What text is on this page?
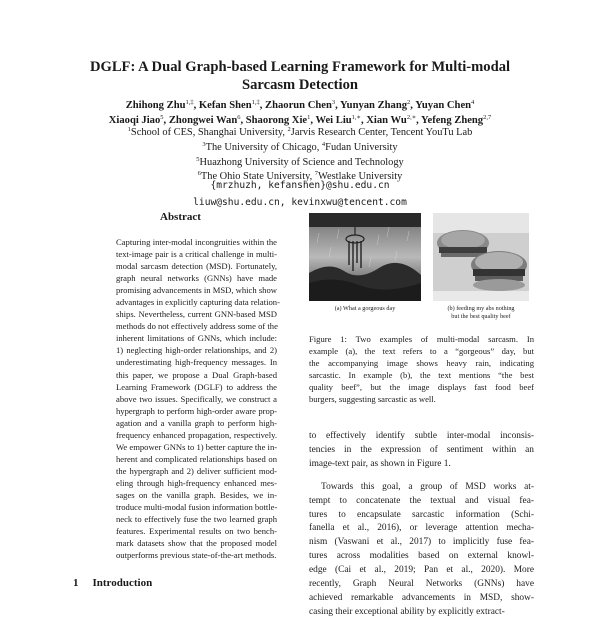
DGLF: A Dual Graph-based Learning Framework for Multi-modal
Sarcasm Detection
Zhihong Zhu$^{1,\ddagger}$, Kefan Shen$^{1,\ddagger}$, Zhaorun Chen$^3$, Yunyan Zhang$^2$, Yuyan Chen$^4$
Xiaoqi Jiao$^5$, Zhongwei Wan$^6$, Shaorong Xie$^1$, Wei Liu$^{1,∗}$, Xian $Wu^{2,∗}$, Yefeng Zheng$^{2,7}$
$^1$School of CES, Shanghai University, $^2$Jarvis Research Center, Tencent YouTu Lab
$^3$The University of Chicago, $^4$Fudan University
$^5$Huazhong University of Science and Technology
$^6$The Ohio State University, $^7$Westlake University
{mrzhuzh, kefanshen}@shu.edu.cn
liuw@shu.edu.cn, kevinxwu@tencent.com
Abstract
Capturing inter-modal incongruities within the
text-image pair is a critical challenge in multi-
modal sarcasm detection (MSD). Fortunately,
graph neural networks (GNNs) have made
promising advancements in MSD, which show
advantages in explicitly capturing data relation-
ships. Nevertheless, current GNN-based MSD
methods do not effectively address some of the
inherent limitations of GNNs, which include:
1) neglecting high-order relationships, and 2)
underestimating high-frequency messages. In
this paper, we propose a Dual Graph-based
Learning Framework (DGLF) to address the
above two issues. Specifically, we construct a
hypergraph to perform high-order aware prop-
agation and a vanilla graph to perform high-
frequency enhanced propagation, respectively.
We empower GNNs to 1) better capture the in-
herent and complicated relationships based on
the hypergraph and 2) deliver sufficient mod-
eling through high-frequency enhanced mes-
sages on the vanilla graph. Besides, we in-
troduce multi-modal fusion information bottle-
neck to effectively fuse the two learned graph
features. Experimental results on two bench-
mark datasets show that the proposed model
outperforms previous state-of-the-art methods.
(a) What a gorgeous day	(b) feeding my abs nothing
but the best quality beef
Figure 1: Two examples of multi-modal sarcasm. In
example (a), the text refers to a “gorgeous” day, but
the accompanying image shows heavy rain, indicating
sarcastic. In example (b), the text mentions “the best
quality beef”, but the image displays fast food beef
burgers, suggesting sarcastic as well.
to effectively identify subtle inter-modal inconsis-
tencies in the expression of sentiment within an
image-text pair, as shown in Figure 1.
Towards this goal, a group of MSD works at-
tempt to concatenate the textual and visual fea-
tures to encapsulate sarcastic information (Schi-
fanella et al., 2016), or leverage attention mecha-
nism (Vaswani et al., 2017) to implicitly fuse fea-
tures across modalities based on external knowl-
edge (Cai et al., 2019; Pan et al., 2020). More
recently, Graph Neural Networks (GNNs) have
achieved remarkable advancements in MSD, show-
casing their exceptional ability by explicitly extract-
1 Introduction
